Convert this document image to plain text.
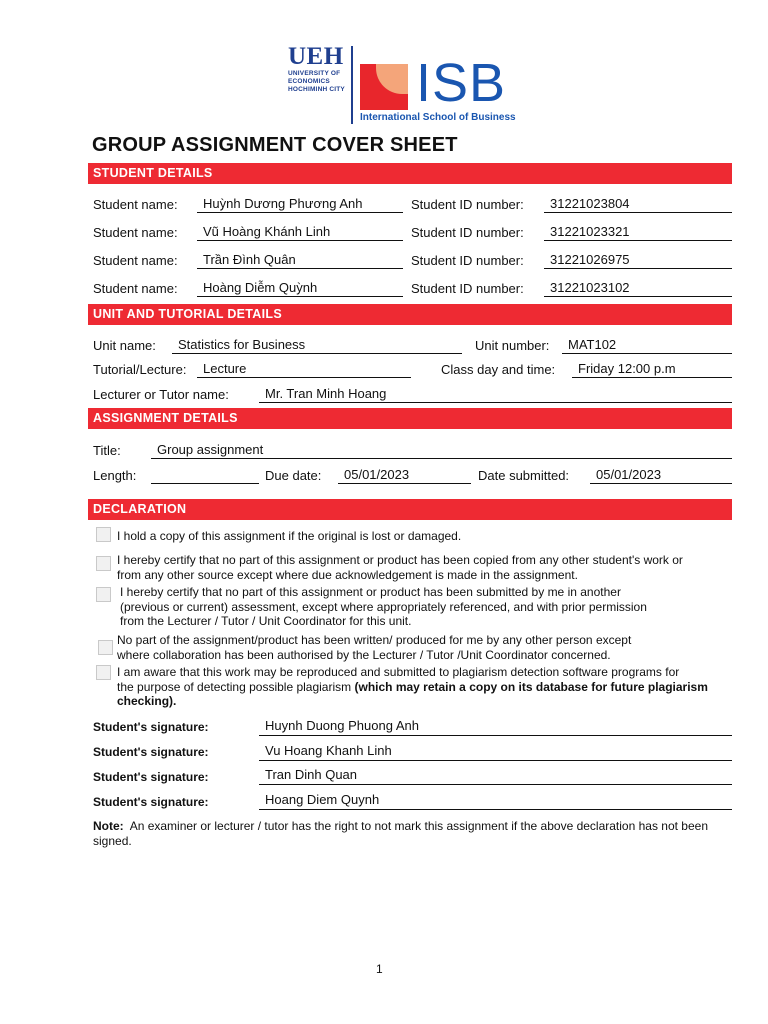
UEH
UNIVERSITY OF
ECONOMICS
HOCHIMINH CITY ISB
International School of Business
GROUP ASSIGNMENT COVER SHEET
STUDENT DETAILS
Student name:	Huỳnh Dương Phương Anh	Student ID number:	31221023804
Student name:	Vũ Hoàng Khánh Linh	Student ID number:	31221023321
Student name:	Trần Đình Quân	Student ID number:	31221026975
Student name:	Hoàng Diễm Quỳnh	Student ID number:	31221023102
UNIT AND TUTORIAL DETAILS
Unit name:	Statistics for Business	Unit number:	MAT102
Tutorial/Lecture:	Lecture	Class day and time:	Friday 12:00 p.m
Lecturer or Tutor name:	Mr. Tran Minh Hoang
ASSIGNMENT DETAILS
Title:	Group assignment
Length:	Due date:	05/01/2023	Date submitted:	05/01/2023
DECLARATION
I hold a copy of this assignment if the original is lost or damaged.
I hereby certify that no part of this assignment or product has been copied from any other student's work or
from any other source except where due acknowledgement is made in the assignment.
I hereby certify that no part of this assignment or product has been submitted by me in another
(previous or current) assessment, except where appropriately referenced, and with prior permission
from the Lecturer / Tutor / Unit Coordinator for this unit.
No part of the assignment/product has been written/ produced for me by any other person except
where collaboration has been authorised by the Lecturer / Tutor /Unit Coordinator concerned.
I am aware that this work may be reproduced and submitted to plagiarism detection software programs for
the purpose of detecting possible plagiarism (which may retain a copy on its database for future plagiarism checking).
Student's signature:	Huynh Duong Phuong Anh
Student's signature:	Vu Hoang Khanh Linh
Student's signature:	Tran Dinh Quan
Student's signature:	Hoang Diem Quynh
Note: An examiner or lecturer / tutor has the right to not mark this assignment if the above declaration has not been signed.
1
